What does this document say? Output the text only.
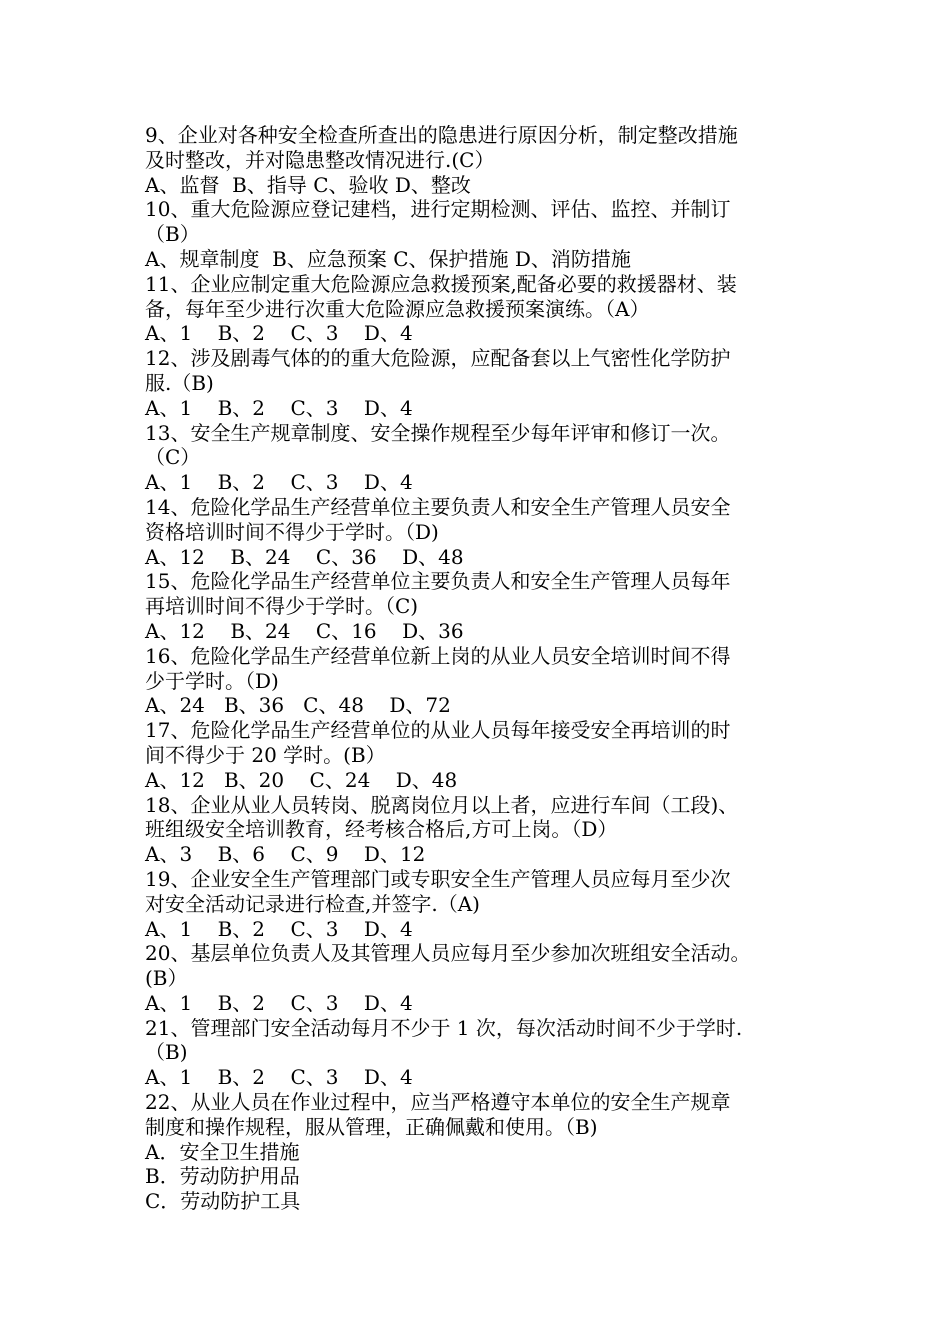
9、企业对各种安全检查所查出的隐患进行原因分析，制定整改措施
及时整改，并对隐患整改情况进行.(C）
A、监督  B、指导 C、验收 D、整改
10、重大危险源应登记建档，进行定期检测、评估、监控、并制订
（B）
A、规章制度  B、应急预案 C、保护措施 D、消防措施
11、企业应制定重大危险源应急救援预案,配备必要的救援器材、装
备，每年至少进行次重大危险源应急救援预案演练。（A）
A、1    B、2    C、3    D、4
12、涉及剧毒气体的的重大危险源，应配备套以上气密性化学防护
服.（B)
A、1    B、2    C、3    D、4
13、安全生产规章制度、安全操作规程至少每年评审和修订一次。
（C）
A、1    B、2    C、3    D、4
14、危险化学品生产经营单位主要负责人和安全生产管理人员安全
资格培训时间不得少于学时。（D)
A、12    B、24    C、36    D、48
15、危险化学品生产经营单位主要负责人和安全生产管理人员每年
再培训时间不得少于学时。（C)
A、12    B、24    C、16    D、36
16、危险化学品生产经营单位新上岗的从业人员安全培训时间不得
少于学时。（D)
A、24   B、36   C、48    D、72
17、危险化学品生产经营单位的从业人员每年接受安全再培训的时
间不得少于 20 学时。(B）
A、12   B、20    C、24    D、48
18、企业从业人员转岗、脱离岗位月以上者，应进行车间（工段)、
班组级安全培训教育，经考核合格后,方可上岗。（D）
A、3    B、6    C、9    D、12
19、企业安全生产管理部门或专职安全生产管理人员应每月至少次
对安全活动记录进行检查,并签字.（A)
A、1    B、2    C、3    D、4
20、基层单位负责人及其管理人员应每月至少参加次班组安全活动。
(B）
A、1    B、2    C、3    D、4
21、管理部门安全活动每月不少于 1 次，每次活动时间不少于学时.
（B)
A、1    B、2    C、3    D、4
22、从业人员在作业过程中，应当严格遵守本单位的安全生产规章
制度和操作规程，服从管理，正确佩戴和使用。（B)
A．安全卫生措施
B．劳动防护用品
C．劳动防护工具
